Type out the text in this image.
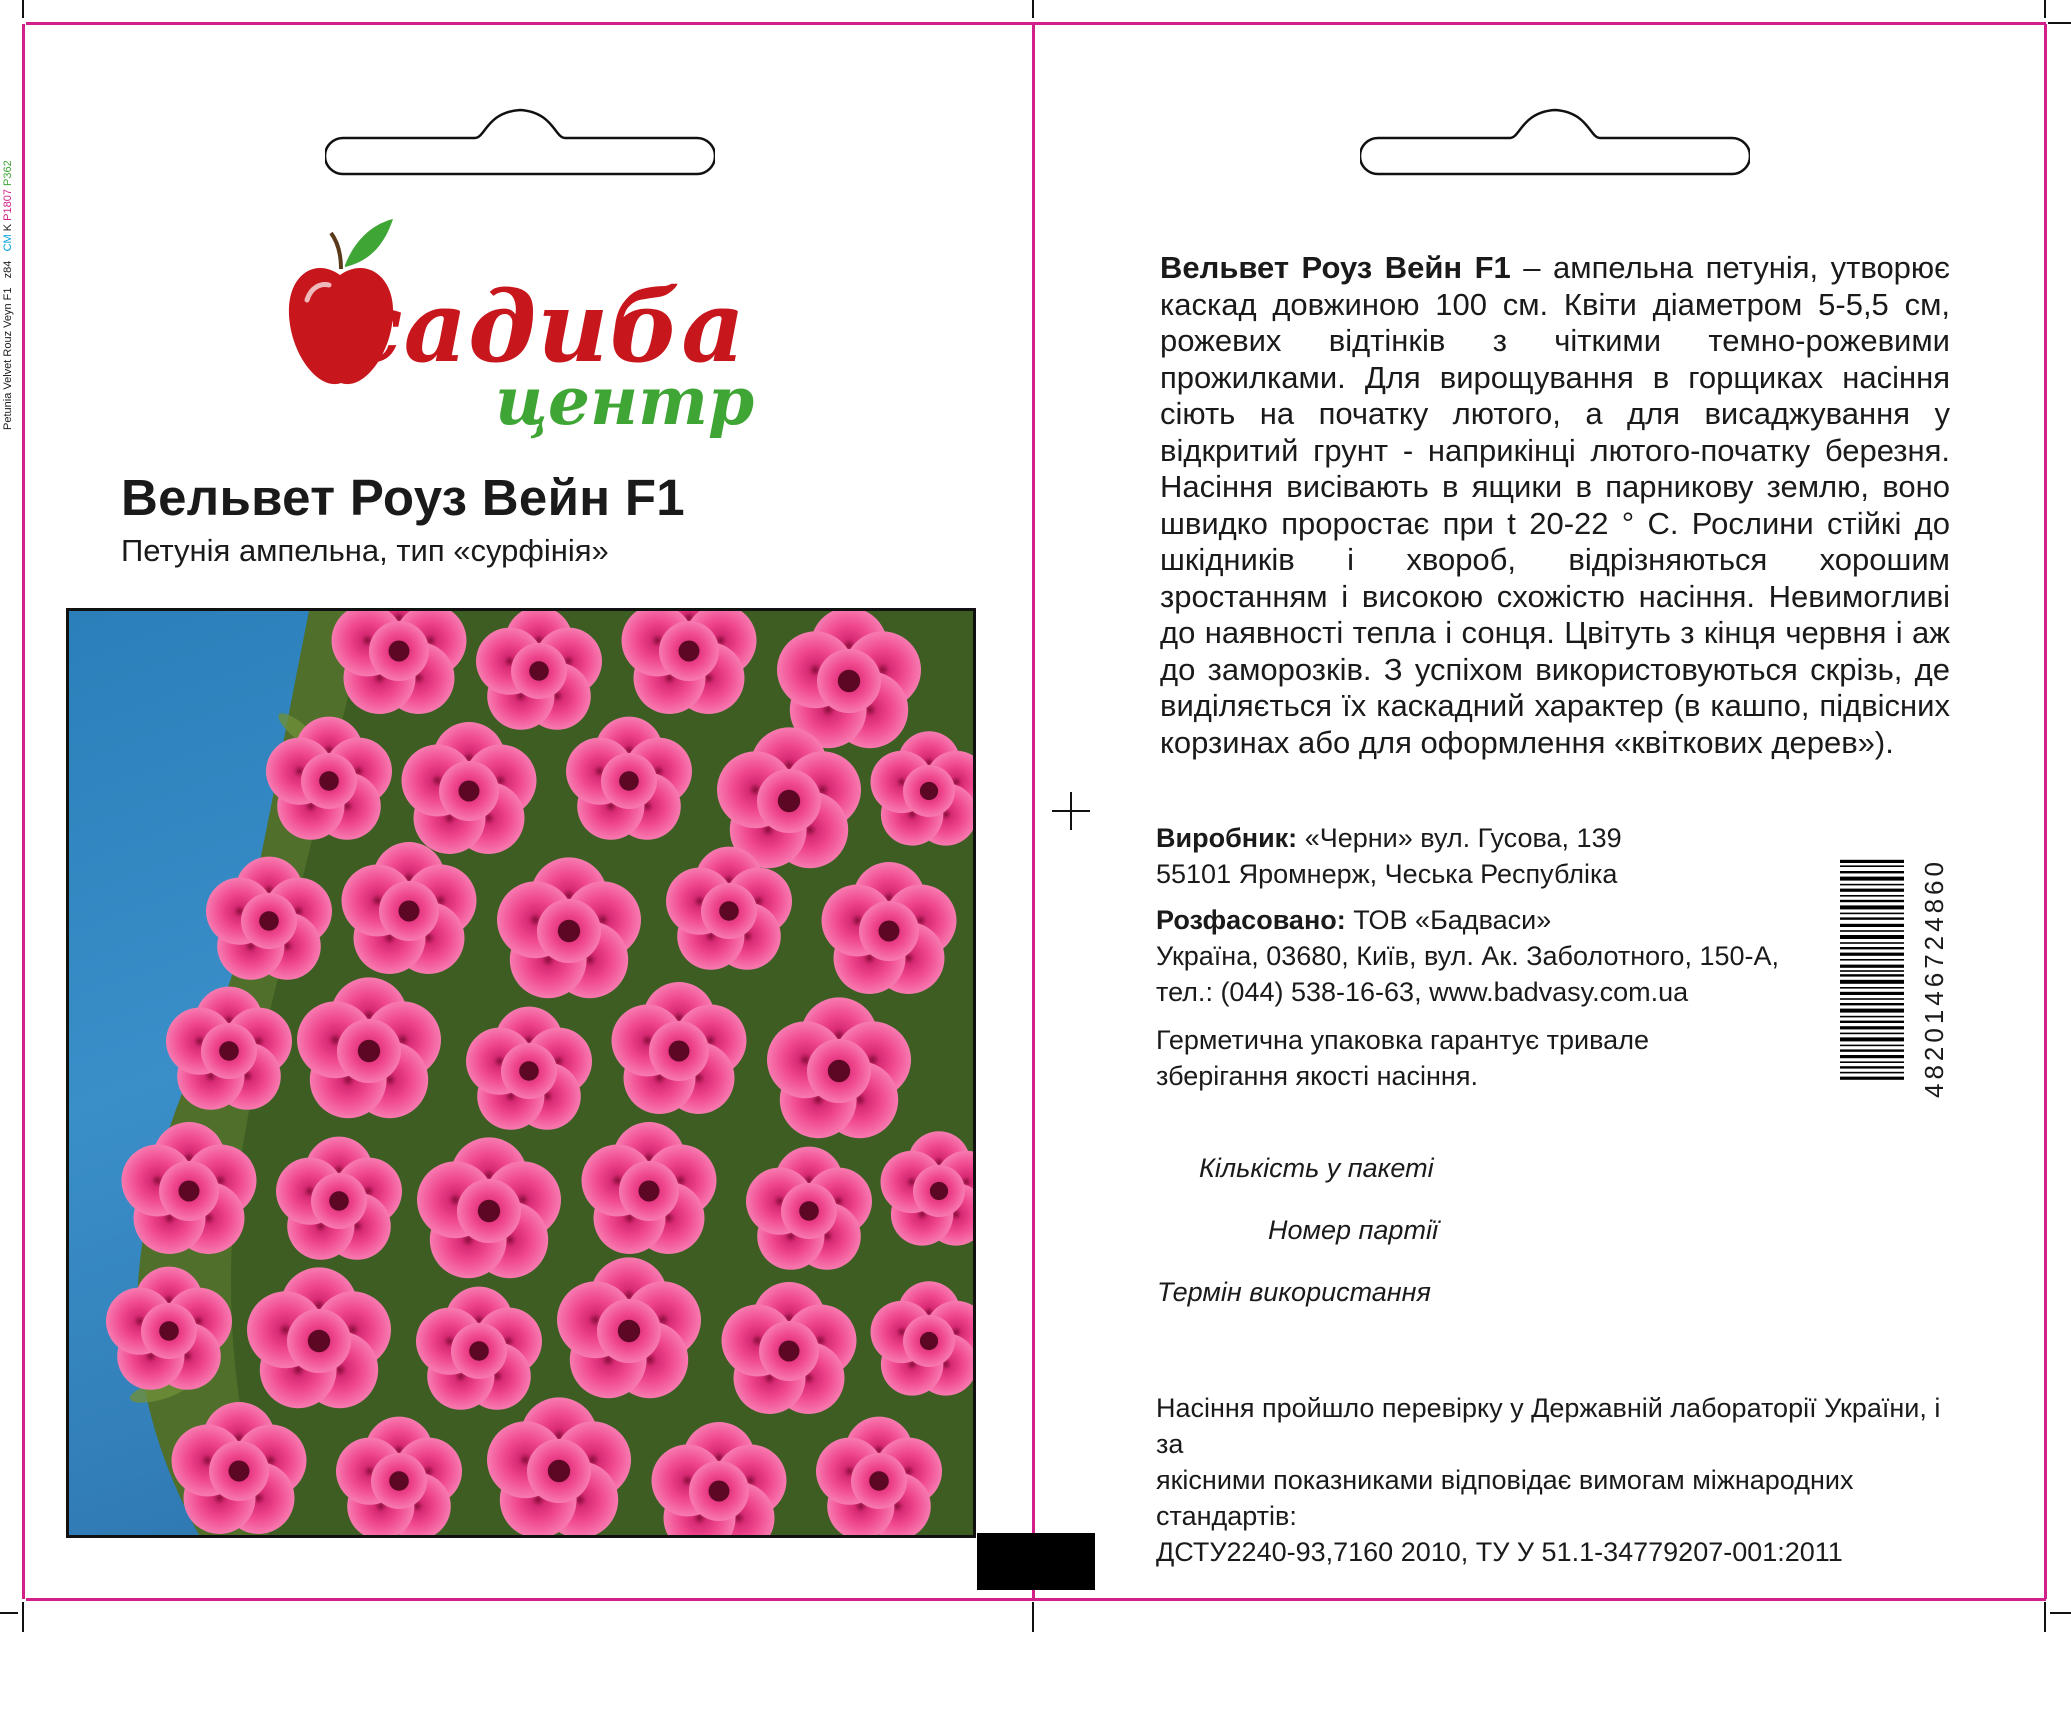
Petunia Velvet Rouz Veyn F1   z84   CM K P1807 P362
садиба
центр
Вельвет Роуз Вейн F1
Петунія ампельна, тип «сурфінія»
Вельвет Роуз Вейн F1 – ампельна петунія, утворює каскад довжиною 100 см. Квіти діаметром 5-5,5 см, рожевих відтінків з чіткими темно-рожевими прожилками. Для вирощування в горщиках насіння сіють на початку лютого, а для висаджування у відкритий грунт - наприкінці лютого-початку березня. Насіння висівають в ящики в парникову землю, воно швидко проростає при t 20-22 ° С. Рослини стійкі до шкідників і хвороб, відрізняються хорошим зростанням і високою схожістю насіння. Невимогливі до наявності тепла і сонця. Цвітуть з кінця червня і аж до заморозків. З успіхом використовуються скрізь, де виділяється їх каскадний характер (в кашпо, підвісних корзинах або для оформлення «квіткових дерев»).
Виробник: «Черни» вул. Гусова, 139
55101 Яромнерж, Чеська Республіка
Розфасовано: ТОВ «Бадваси»
Україна, 03680, Київ, вул. Ак. Заболотного, 150-А,
тел.: (044) 538-16-63, www.badvasy.com.ua
Герметична упаковка гарантує тривале
зберігання якості насіння.	4820146724860
Кількість у пакеті
Номер партії
Термін використання
Насіння пройшло перевірку у Державній лабораторії України, і за
якісними показниками відповідає вимогам міжнародних стандартів:
ДСТУ2240-93,7160 2010, ТУ У 51.1-34779207-001:2011
